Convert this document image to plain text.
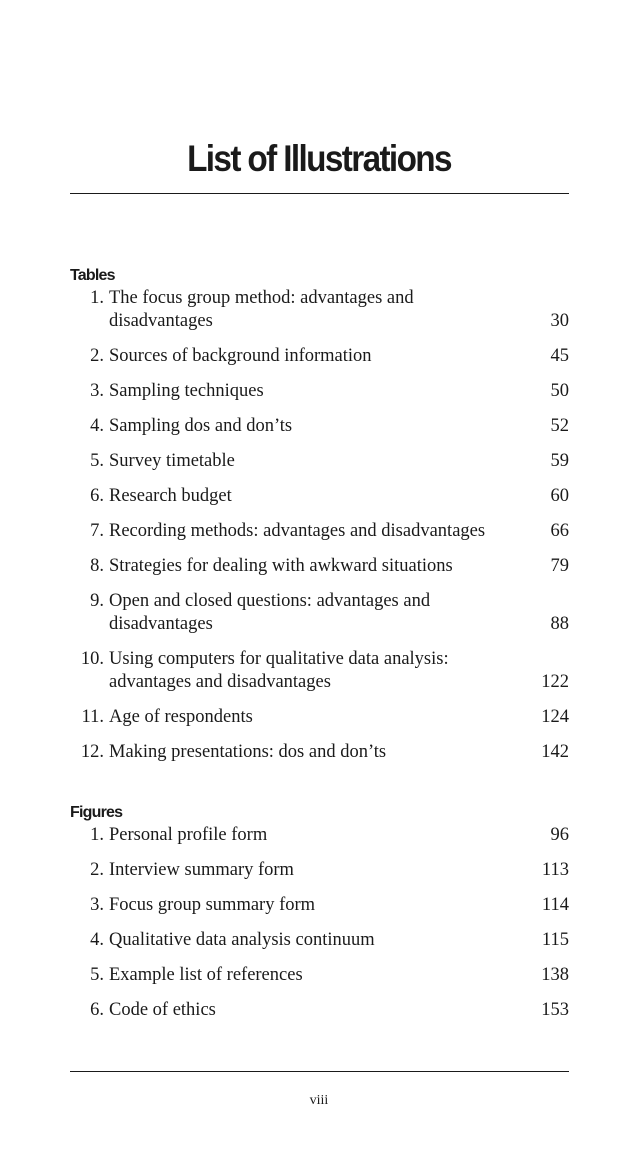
List of Illustrations
Tables
1. The focus group method: advantages and
disadvantages	30
2. Sources of background information	45
3. Sampling techniques	50
4. Sampling dos and don’ts	52
5. Survey timetable	59
6. Research budget	60
7. Recording methods: advantages and disadvantages	66
8. Strategies for dealing with awkward situations	79
9. Open and closed questions: advantages and
disadvantages	88
10. Using computers for qualitative data analysis:
advantages and disadvantages	122
11. Age of respondents	124
12. Making presentations: dos and don’ts	142
Figures
1. Personal profile form	96
2. Interview summary form	113
3. Focus group summary form	114
4. Qualitative data analysis continuum	115
5. Example list of references	138
6. Code of ethics	153
viii
